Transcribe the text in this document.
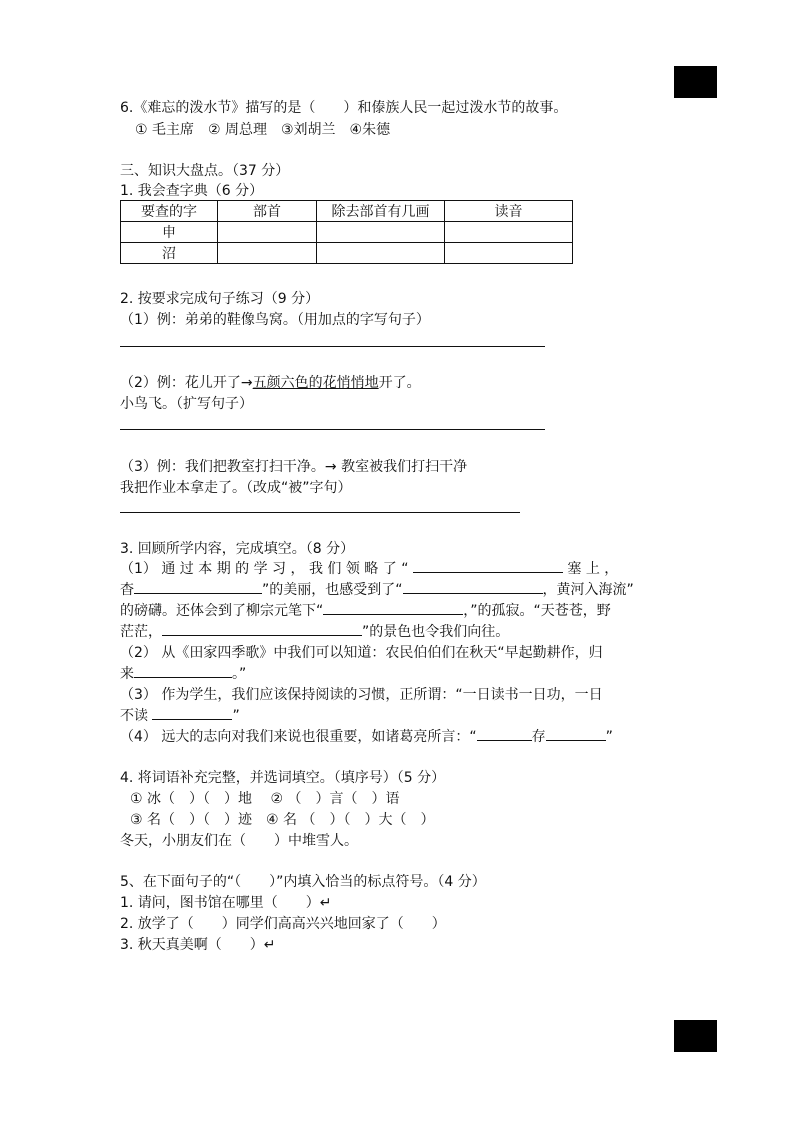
6.《难忘的泼水节》描写的是（　　）和傣族人民一起过泼水节的故事。
① 毛主席　② 周总理　③刘胡兰　④朱德
三、知识大盘点。（37 分）
1. 我会查字典（6 分）
要查的字	部首	除去部首有几画	读音
申			
沼			
2. 按要求完成句子练习（9 分）
（1）例：弟弟的鞋像鸟窝。（用加点的字写句子）
（2）例：花儿开了→五颜六色的花悄悄地开了。
小鸟飞。（扩写句子）
（3）例：我们把教室打扫干净。→ 教室被我们打扫干净
我把作业本拿走了。（改成“被”字句）
3. 回顾所学内容，完成填空。（8 分）
（1） 通 过 本 期 的 学 习 ， 我 们 领 略 了 “	塞 上 ，
杳	”的美丽，也感受到了“	，黄河入海流”
的磅礴。还体会到了柳宗元笔下“	，”的孤寂。“天苍苍，野
茫茫，	”的景色也令我们向往。
（2） 从《田家四季歌》中我们可以知道：农民伯伯们在秋天“早起勤耕作，归
来	。”
（3） 作为学生，我们应该保持阅读的习惯，正所谓：“一日读书一日功，一日
不读	”
（4） 远大的志向对我们来说也很重要，如诸葛亮所言：“	存	”
4. 将词语补充完整，并选词填空。（填序号）（5 分）
① 冰（　）（　）地　 ② （　）言（　）语
③ 名（　）（　）迹　④ 名 （　）（　）大（　）
冬天，小朋友们在（　　）中堆雪人。
5、在下面句子的“（　　）”内填入恰当的标点符号。（4 分）
1. 请问，图书馆在哪里（　　）↵
2. 放学了（　　）同学们高高兴兴地回家了（　　）
3. 秋天真美啊（　　）↵
